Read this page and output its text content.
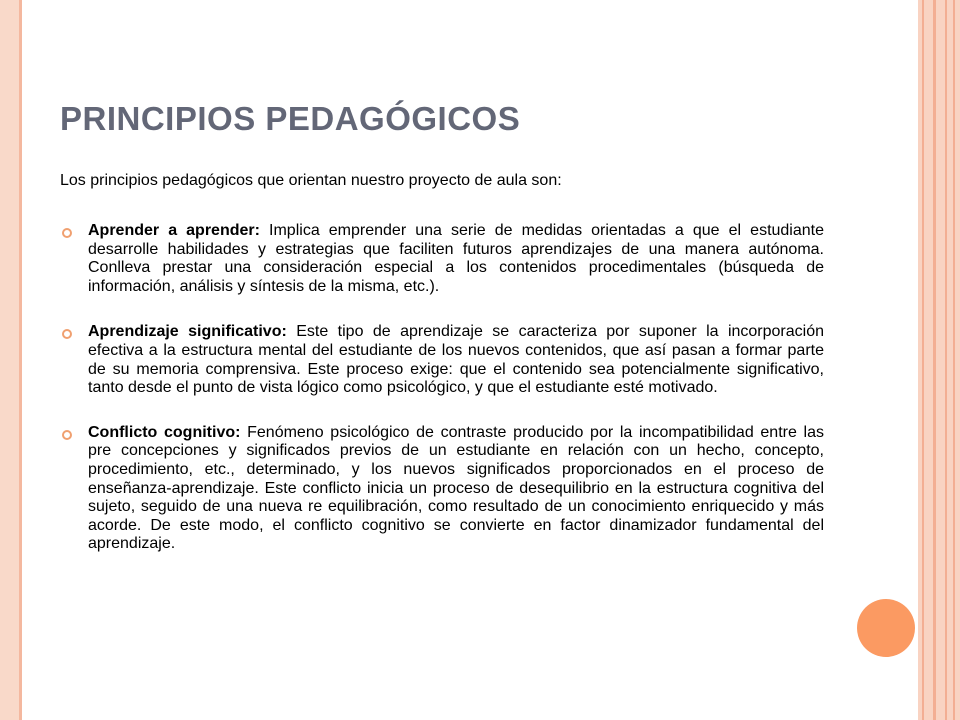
PRINCIPIOS PEDAGÓGICOS

Los principios pedagógicos que orientan nuestro proyecto de aula son:

Aprender a aprender: Implica emprender una serie de medidas orientadas a que el estudiante desarrolle habilidades y estrategias que faciliten futuros aprendizajes de una manera autónoma. Conlleva prestar una consideración especial a los contenidos procedimentales (búsqueda de información, análisis y síntesis de la misma, etc.).

Aprendizaje significativo: Este tipo de aprendizaje se caracteriza por suponer la incorporación efectiva a la estructura mental del estudiante de los nuevos contenidos, que así pasan a formar parte de su memoria comprensiva. Este proceso exige: que el contenido sea potencialmente significativo, tanto desde el punto de vista lógico como psicológico, y que el estudiante esté motivado.

Conflicto cognitivo: Fenómeno psicológico de contraste producido por la incompatibilidad entre las pre concepciones y significados previos de un estudiante en relación con un hecho, concepto, procedimiento, etc., determinado, y los nuevos significados proporcionados en el proceso de enseñanza-aprendizaje. Este conflicto inicia un proceso de desequilibrio en la estructura cognitiva del sujeto, seguido de una nueva re equilibración, como resultado de un conocimiento enriquecido y más acorde. De este modo, el conflicto cognitivo se convierte en factor dinamizador fundamental del aprendizaje.
